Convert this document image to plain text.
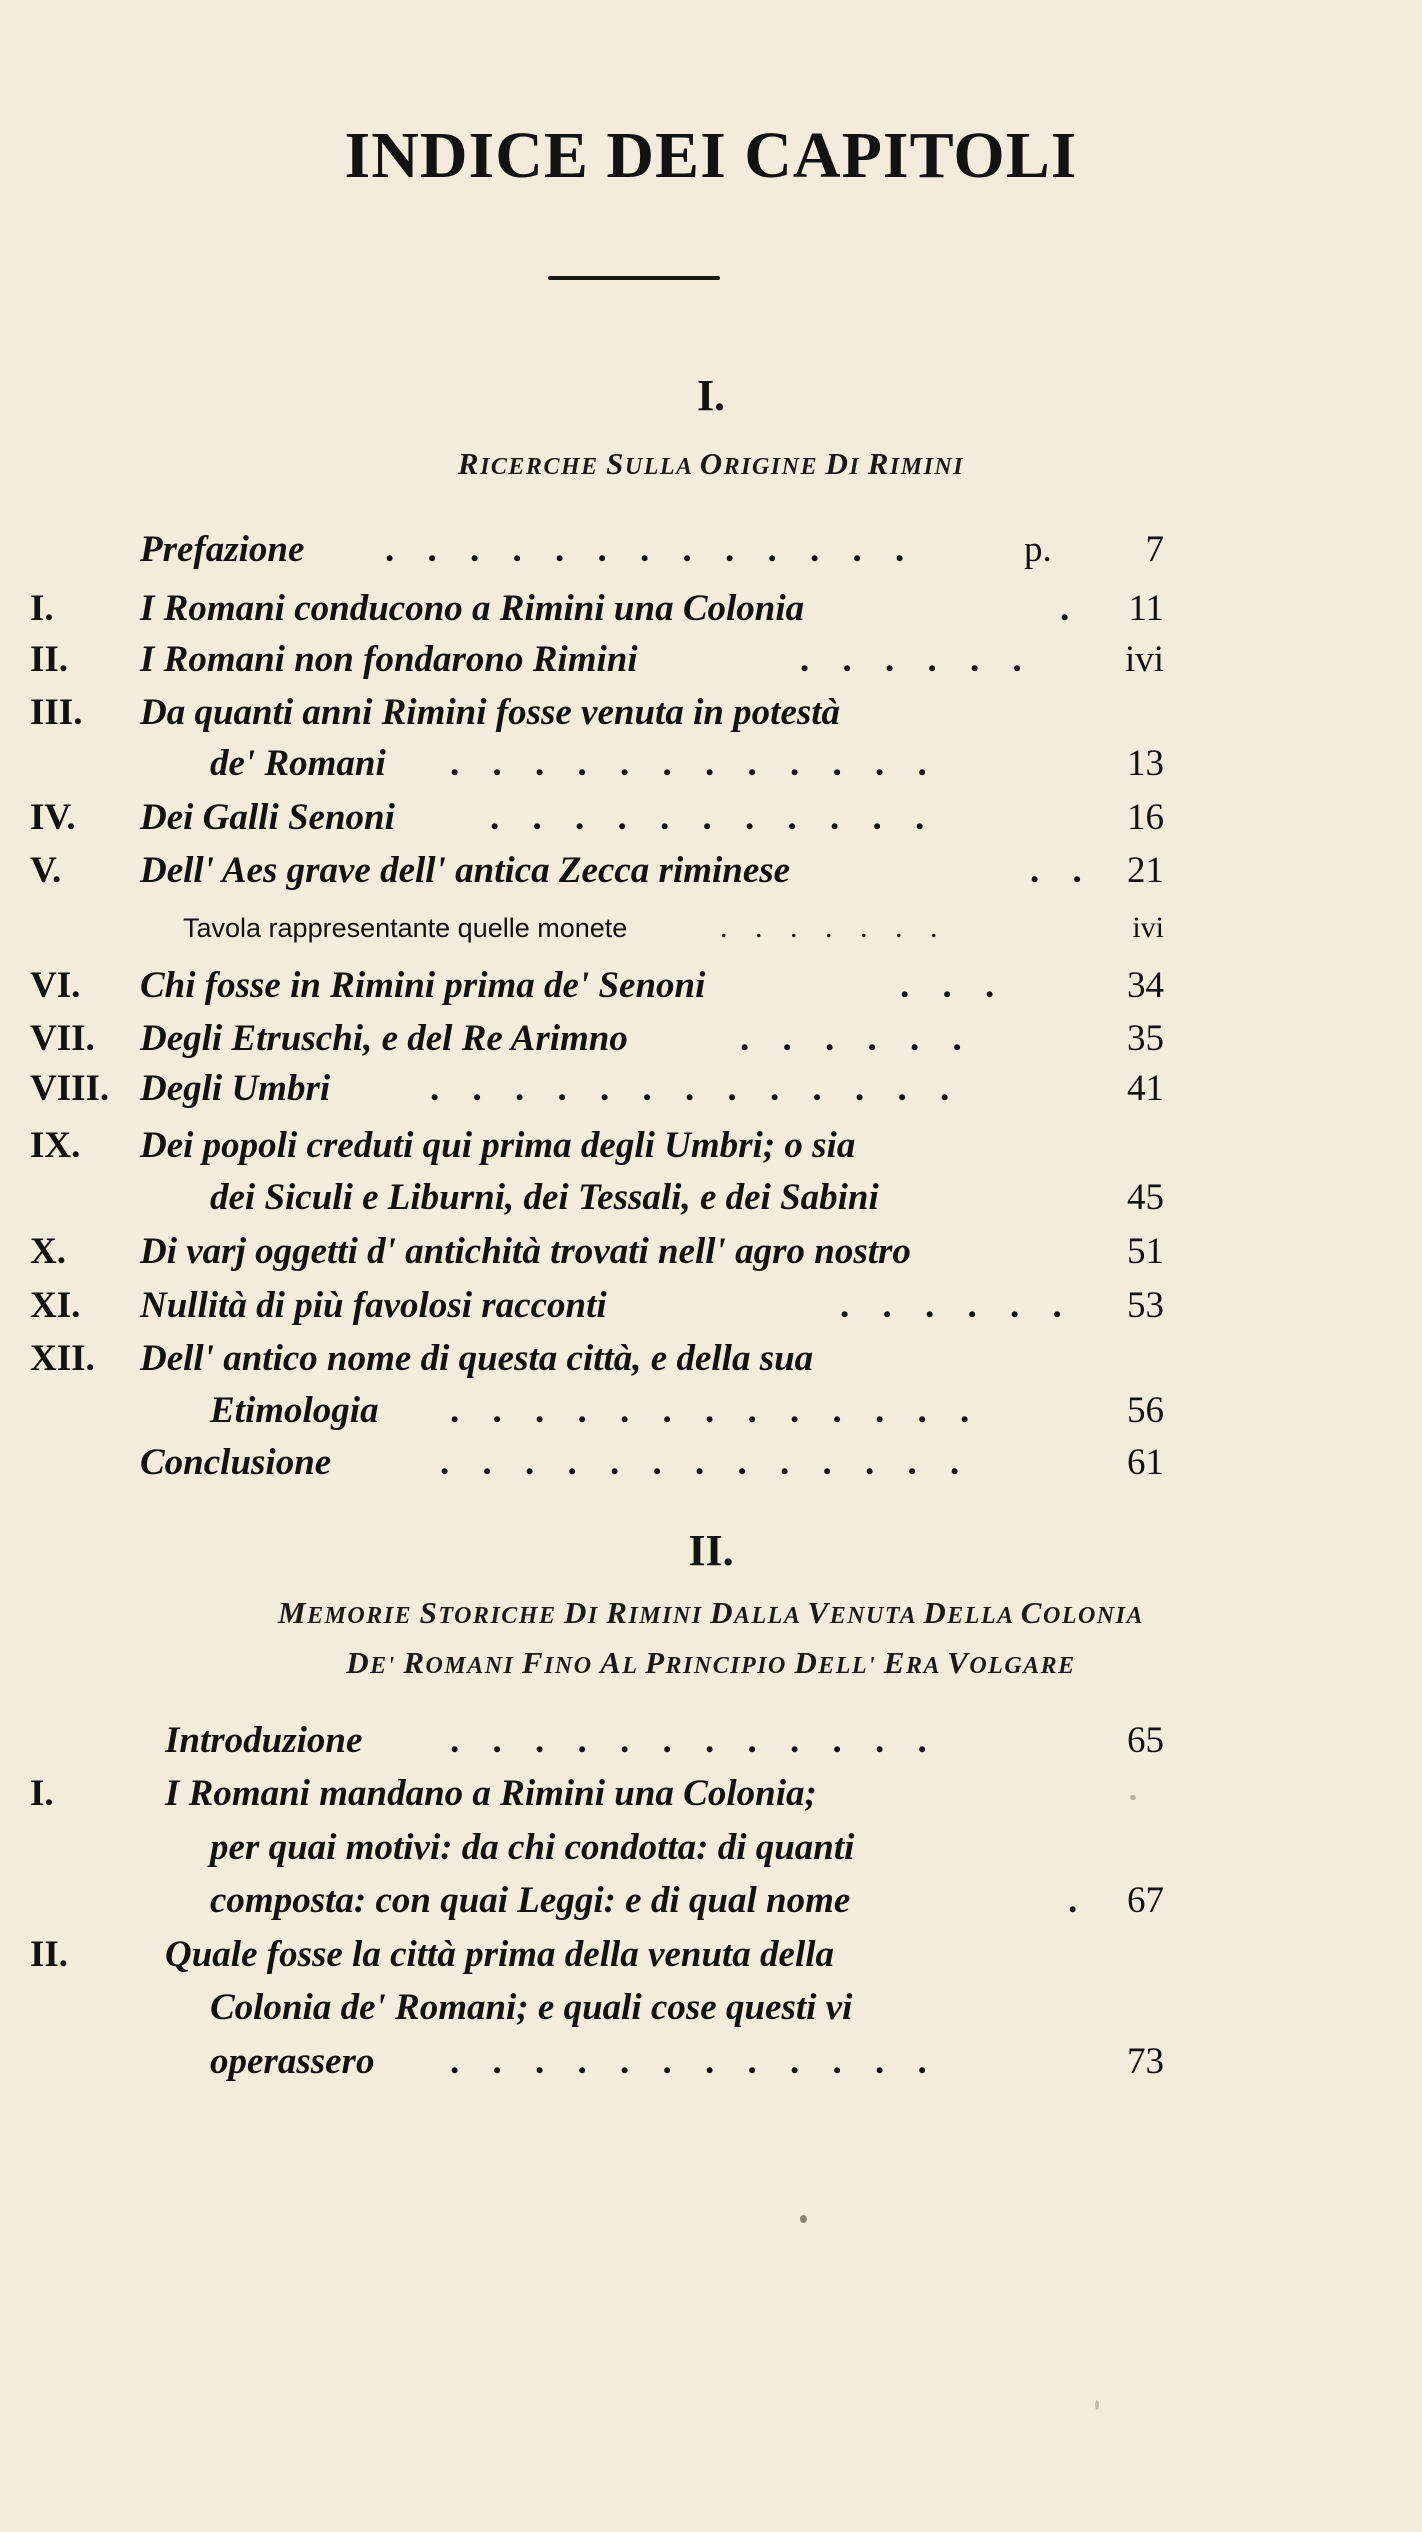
INDICE DEI CAPITOLI
I.
RICERCHE SULLA ORIGINE DI RIMINI
Prefazione . . . . . . . . . . . . .	p.	7
I. I Romani conducono a Rimini una Colonia	. 11
II. I Romani non fondarono Rimini	. . . . . .	ivi
III. Da quanti anni Rimini fosse venuta in potestà
de' Romani . . . . . . . . . . . .	13
IV. Dei Galli Senoni	. . . . . . . . . . .	16
V. Dell' Aes grave dell' antica Zecca riminese	. . 21
Tavola rappresentante quelle monete	. . . . . . .	ivi
VI. Chi fosse in Rimini prima de' Senoni	. . .	34
VII. Degli Etruschi, e del Re Arimno	. . . . . .	35
VIII. Degli Umbri	. . . . . . . . . . . . .	41
IX. Dei popoli creduti qui prima degli Umbri; o sia
dei Siculi e Liburni, dei Tessali, e dei Sabini	45
X. Di varj oggetti d' antichità trovati nell' agro nostro	51
XI. Nullità di più favolosi racconti	. . . . . .	53
XII. Dell' antico nome di questa città, e della sua
Etimologia . . . . . . . . . . . . .	56
Conclusione	. . . . . . . . . . . . .	61
II.
MEMORIE STORICHE DI RIMINI DALLA VENUTA DELLA COLONIA
DE' ROMANI FINO AL PRINCIPIO DELL' ERA VOLGARE
Introduzione . . . . . . . . . . . .	65
I.	I Romani mandano a Rimini una Colonia;
per quai motivi: da chi condotta: di quanti
composta: con quai Leggi: e di qual nome	. 67
II.	Quale fosse la città prima della venuta della
Colonia de' Romani; e quali cose questi vi
operassero . . . . . . . . . . . .	73
